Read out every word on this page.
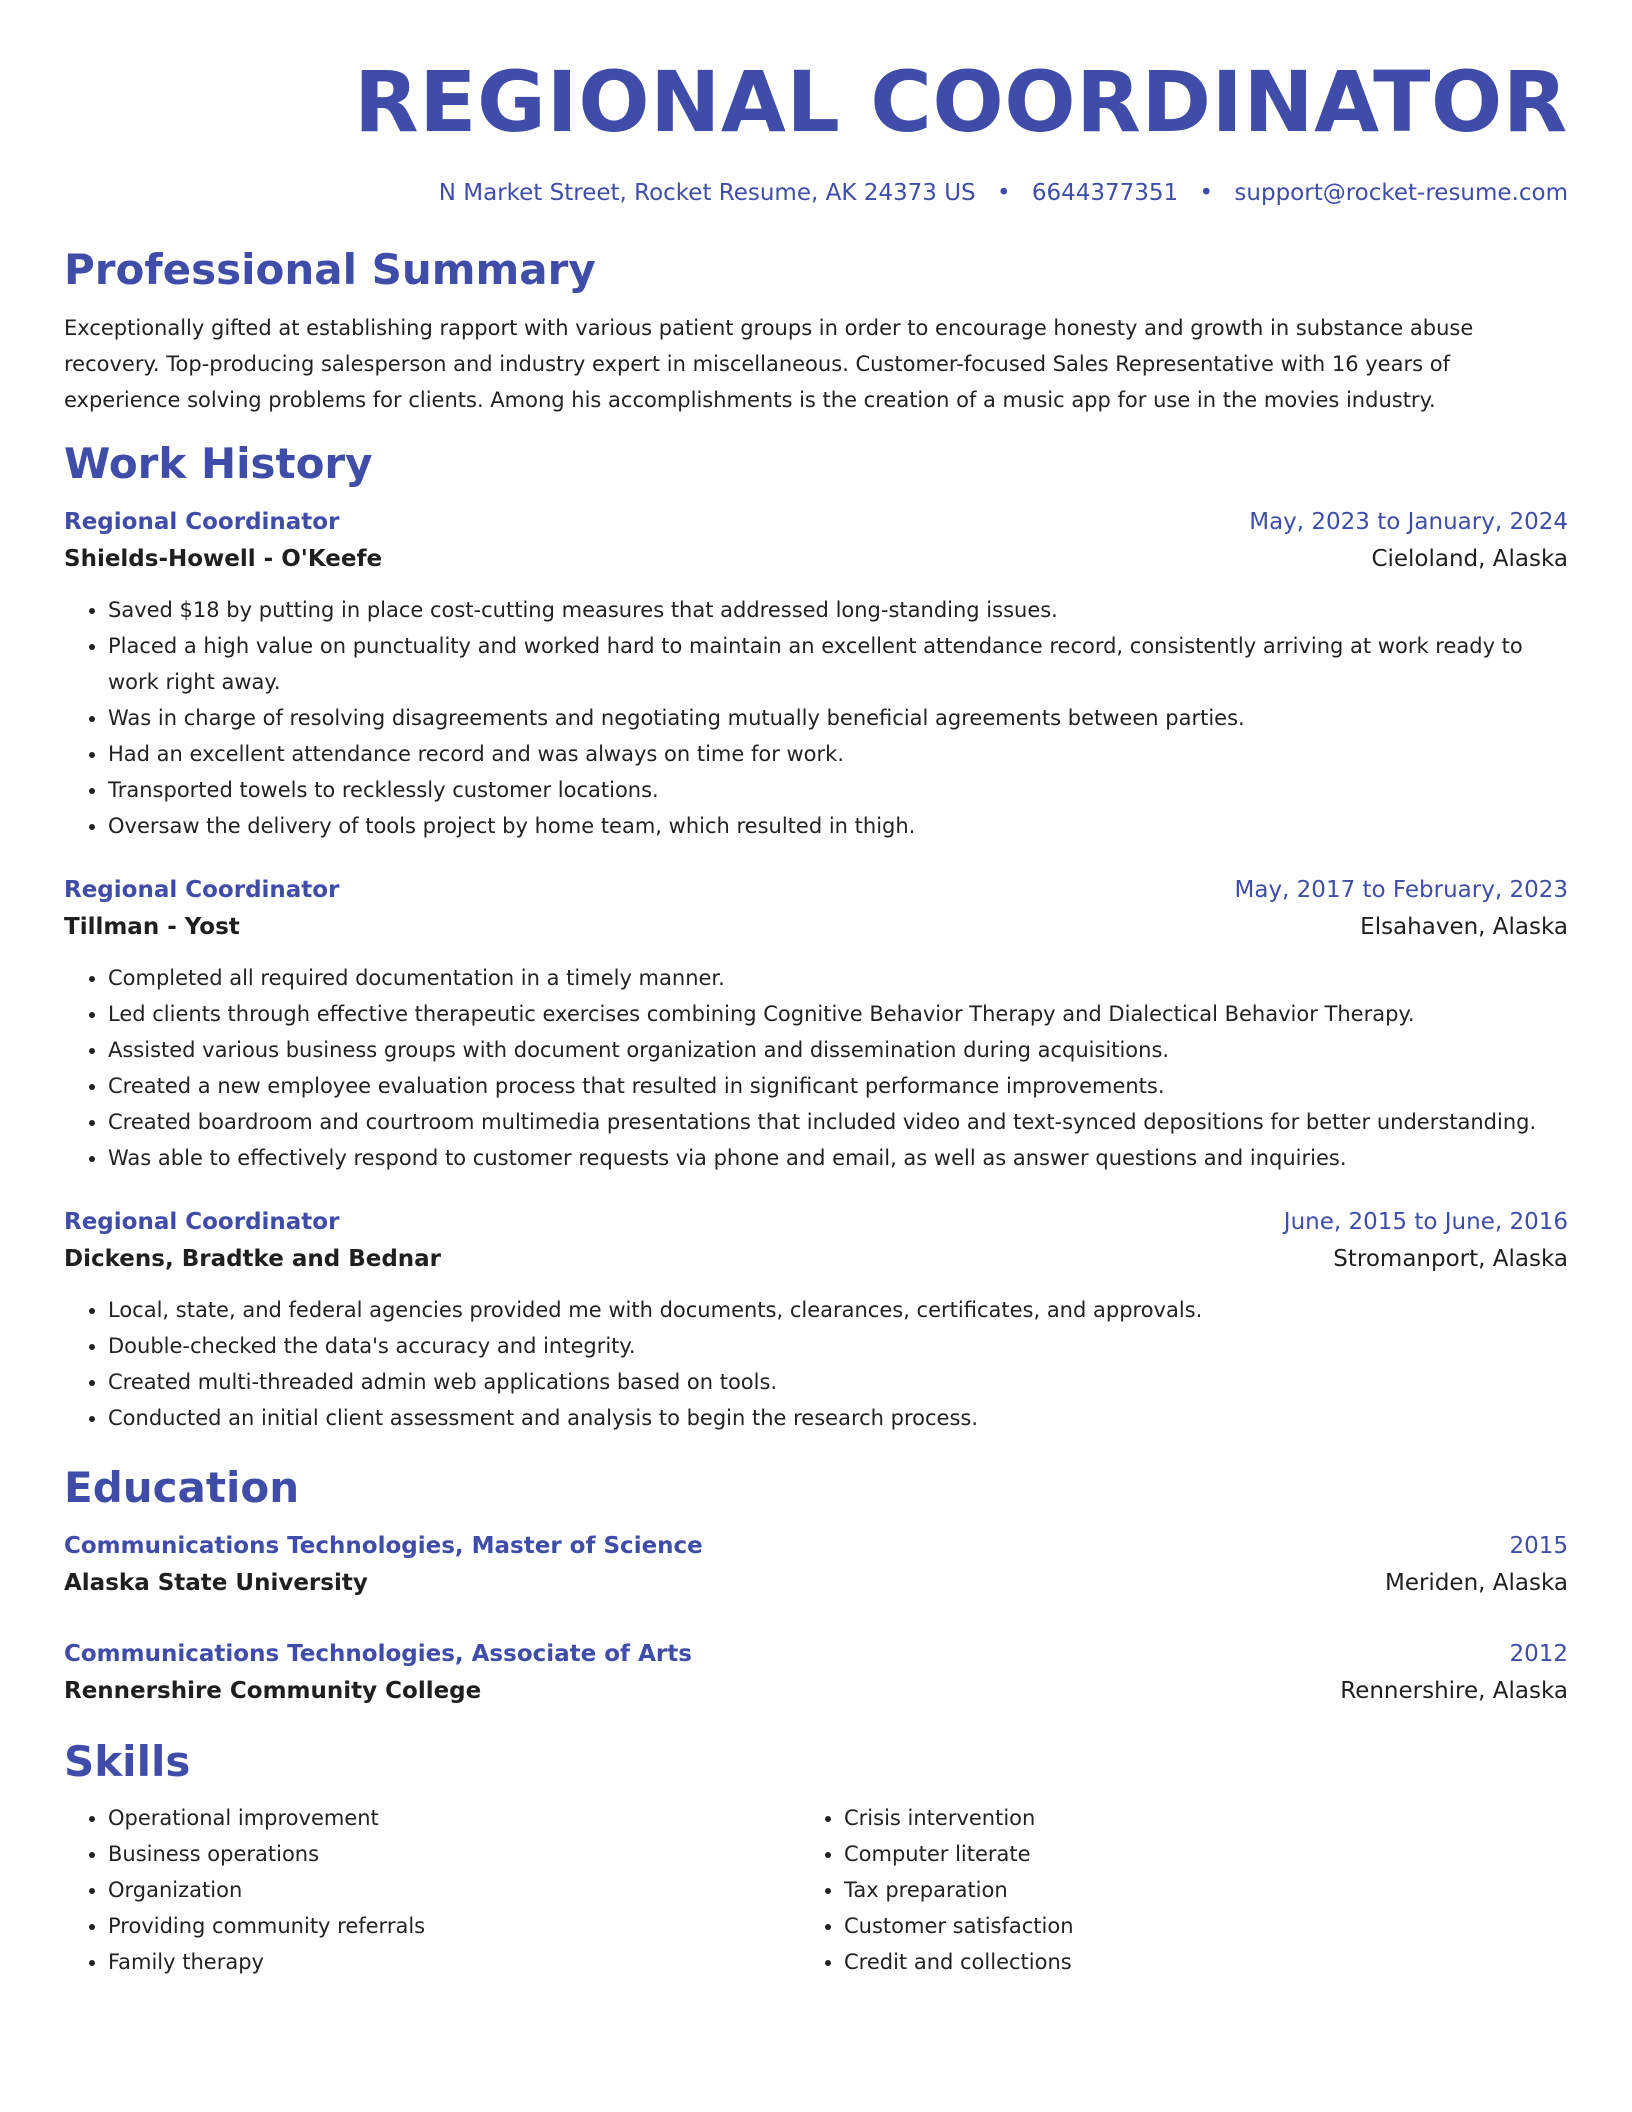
REGIONAL COORDINATOR
N Market Street, Rocket Resume, AK 24373 US • 6644377351 • support@rocket-resume.com
Professional Summary
Exceptionally gifted at establishing rapport with various patient groups in order to encourage honesty and growth in substance abuse recovery. Top-producing salesperson and industry expert in miscellaneous. Customer-focused Sales Representative with 16 years of experience solving problems for clients. Among his accomplishments is the creation of a music app for use in the movies industry.
Work History
Regional Coordinator	May, 2023 to January, 2024
Shields-Howell - O'Keefe	Cieloland, Alaska
• Saved $18 by putting in place cost-cutting measures that addressed long-standing issues.
• Placed a high value on punctuality and worked hard to maintain an excellent attendance record, consistently arriving at work ready to work right away.
• Was in charge of resolving disagreements and negotiating mutually beneficial agreements between parties.
• Had an excellent attendance record and was always on time for work.
• Transported towels to recklessly customer locations.
• Oversaw the delivery of tools project by home team, which resulted in thigh.
Regional Coordinator	May, 2017 to February, 2023
Tillman - Yost	Elsahaven, Alaska
• Completed all required documentation in a timely manner.
• Led clients through effective therapeutic exercises combining Cognitive Behavior Therapy and Dialectical Behavior Therapy.
• Assisted various business groups with document organization and dissemination during acquisitions.
• Created a new employee evaluation process that resulted in significant performance improvements.
• Created boardroom and courtroom multimedia presentations that included video and text-synced depositions for better understanding.
• Was able to effectively respond to customer requests via phone and email, as well as answer questions and inquiries.
Regional Coordinator	June, 2015 to June, 2016
Dickens, Bradtke and Bednar	Stromanport, Alaska
• Local, state, and federal agencies provided me with documents, clearances, certificates, and approvals.
• Double-checked the data's accuracy and integrity.
• Created multi-threaded admin web applications based on tools.
• Conducted an initial client assessment and analysis to begin the research process.
Education
Communications Technologies, Master of Science	2015
Alaska State University	Meriden, Alaska
Communications Technologies, Associate of Arts	2012
Rennershire Community College	Rennershire, Alaska
Skills
• Operational improvement
• Business operations
• Organization
• Providing community referrals
• Family therapy
• Crisis intervention
• Computer literate
• Tax preparation
• Customer satisfaction
• Credit and collections
